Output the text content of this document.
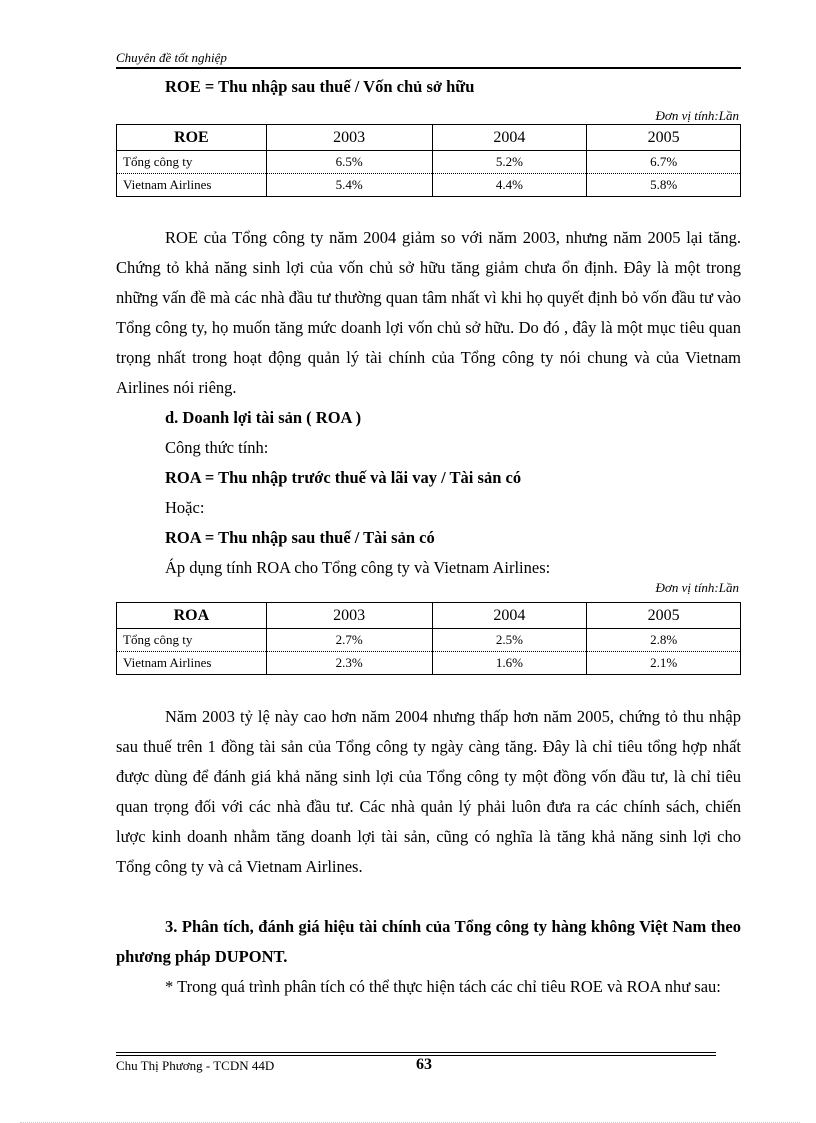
Chuyên đề tốt nghiệp
ROE = Thu nhập sau thuế / Vốn chủ sở hữu
Đơn vị tính:Lần
ROE	2003	2004	2005
Tổng công ty	6.5%	5.2%	6.7%
Vietnam Airlines	5.4%	4.4%	5.8%

ROE của Tổng công ty năm 2004 giảm so với năm 2003, nhưng năm 2005 lại tăng. Chứng tỏ khả năng sinh lợi của vốn chủ sở hữu tăng giảm chưa ổn định. Đây là một trong những vấn đề mà các nhà đầu tư thường quan tâm nhất vì khi họ quyết định bỏ vốn đầu tư vào Tổng công ty, họ muốn tăng mức doanh lợi vốn chủ sở hữu. Do đó , đây là một mục tiêu quan trọng nhất trong hoạt động quản lý tài chính của Tổng công ty nói chung và của Vietnam Airlines nói riêng.

d. Doanh lợi tài sản ( ROA )
Công thức tính:
ROA = Thu nhập trước thuế và lãi vay / Tài sản có
Hoặc:
ROA = Thu nhập sau thuế / Tài sản có
Áp dụng tính ROA cho Tổng công ty và Vietnam Airlines:
Đơn vị tính:Lần
ROA	2003	2004	2005
Tổng công ty	2.7%	2.5%	2.8%
Vietnam Airlines	2.3%	1.6%	2.1%

Năm 2003 tỷ lệ này cao hơn năm 2004 nhưng thấp hơn năm 2005, chứng tỏ thu nhập sau thuế trên 1 đồng tài sản của Tổng công ty ngày càng tăng. Đây là chỉ tiêu tổng hợp nhất được dùng để đánh giá khả năng sinh lợi của Tổng công ty một đồng vốn đầu tư, là chỉ tiêu quan trọng đối với các nhà đầu tư. Các nhà quản lý phải luôn đưa ra các chính sách, chiến lược kinh doanh nhằm tăng doanh lợi tài sản, cũng có nghĩa là tăng khả năng sinh lợi cho Tổng công ty và cả Vietnam Airlines.

3. Phân tích, đánh giá hiệu tài chính của Tổng công ty hàng không Việt Nam theo phương pháp DUPONT.

* Trong quá trình phân tích có thể thực hiện tách các chỉ tiêu ROE và ROA như sau:

Chu Thị Phương - TCDN 44D	63
